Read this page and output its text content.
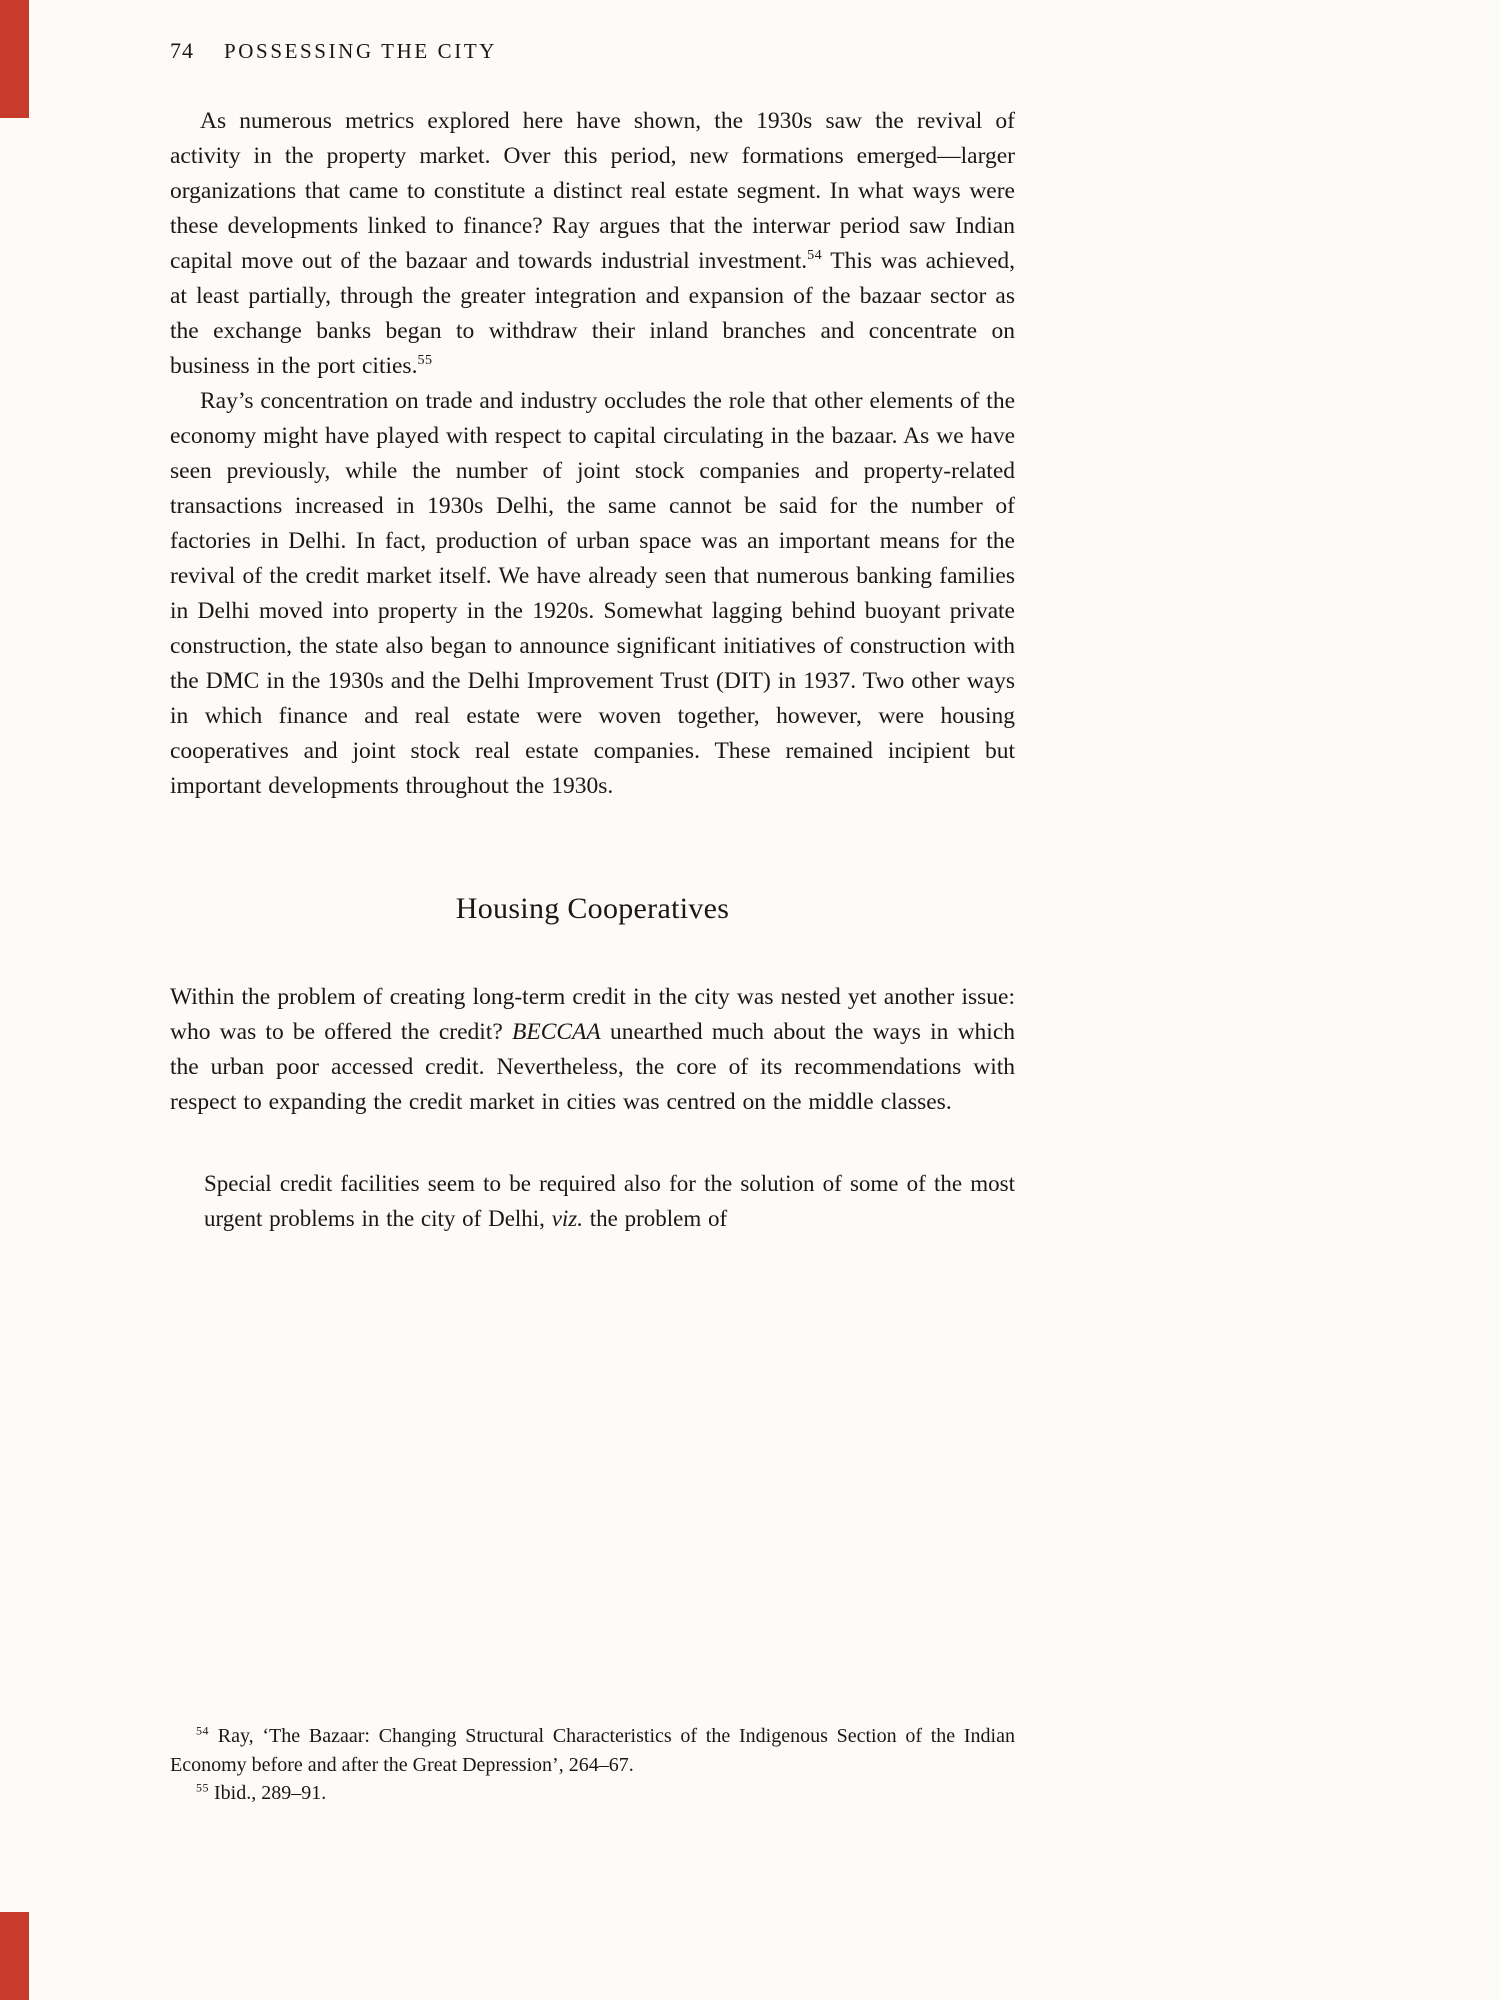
74 POSSESSING THE CITY

As numerous metrics explored here have shown, the 1930s saw the revival of activity in the property market. Over this period, new formations emerged—larger organizations that came to constitute a distinct real estate segment. In what ways were these developments linked to finance? Ray argues that the interwar period saw Indian capital move out of the bazaar and towards industrial investment.$^{54}$ This was achieved, at least partially, through the greater integration and expansion of the bazaar sector as the exchange banks began to withdraw their inland branches and concentrate on business in the port cities.$^{55}$

Ray’s concentration on trade and industry occludes the role that other elements of the economy might have played with respect to capital circulating in the bazaar. As we have seen previously, while the number of joint stock companies and property-related transactions increased in 1930s Delhi, the same cannot be said for the number of factories in Delhi. In fact, production of urban space was an important means for the revival of the credit market itself. We have already seen that numerous banking families in Delhi moved into property in the 1920s. Somewhat lagging behind buoyant private construction, the state also began to announce significant initiatives of construction with the DMC in the 1930s and the Delhi Improvement Trust (DIT) in 1937. Two other ways in which finance and real estate were woven together, however, were housing cooperatives and joint stock real estate companies. These remained incipient but important developments throughout the 1930s.

Housing Cooperatives

Within the problem of creating long-term credit in the city was nested yet another issue: who was to be offered the credit? BECCAA unearthed much about the ways in which the urban poor accessed credit. Nevertheless, the core of its recommendations with respect to expanding the credit market in cities was centred on the middle classes.

Special credit facilities seem to be required also for the solution of some of the most urgent problems in the city of Delhi, viz. the problem of

$^{54}$ Ray, ‘The Bazaar: Changing Structural Characteristics of the Indigenous Section of the Indian Economy before and after the Great Depression’, 264–67.

$^{55}$ Ibid., 289–91.
